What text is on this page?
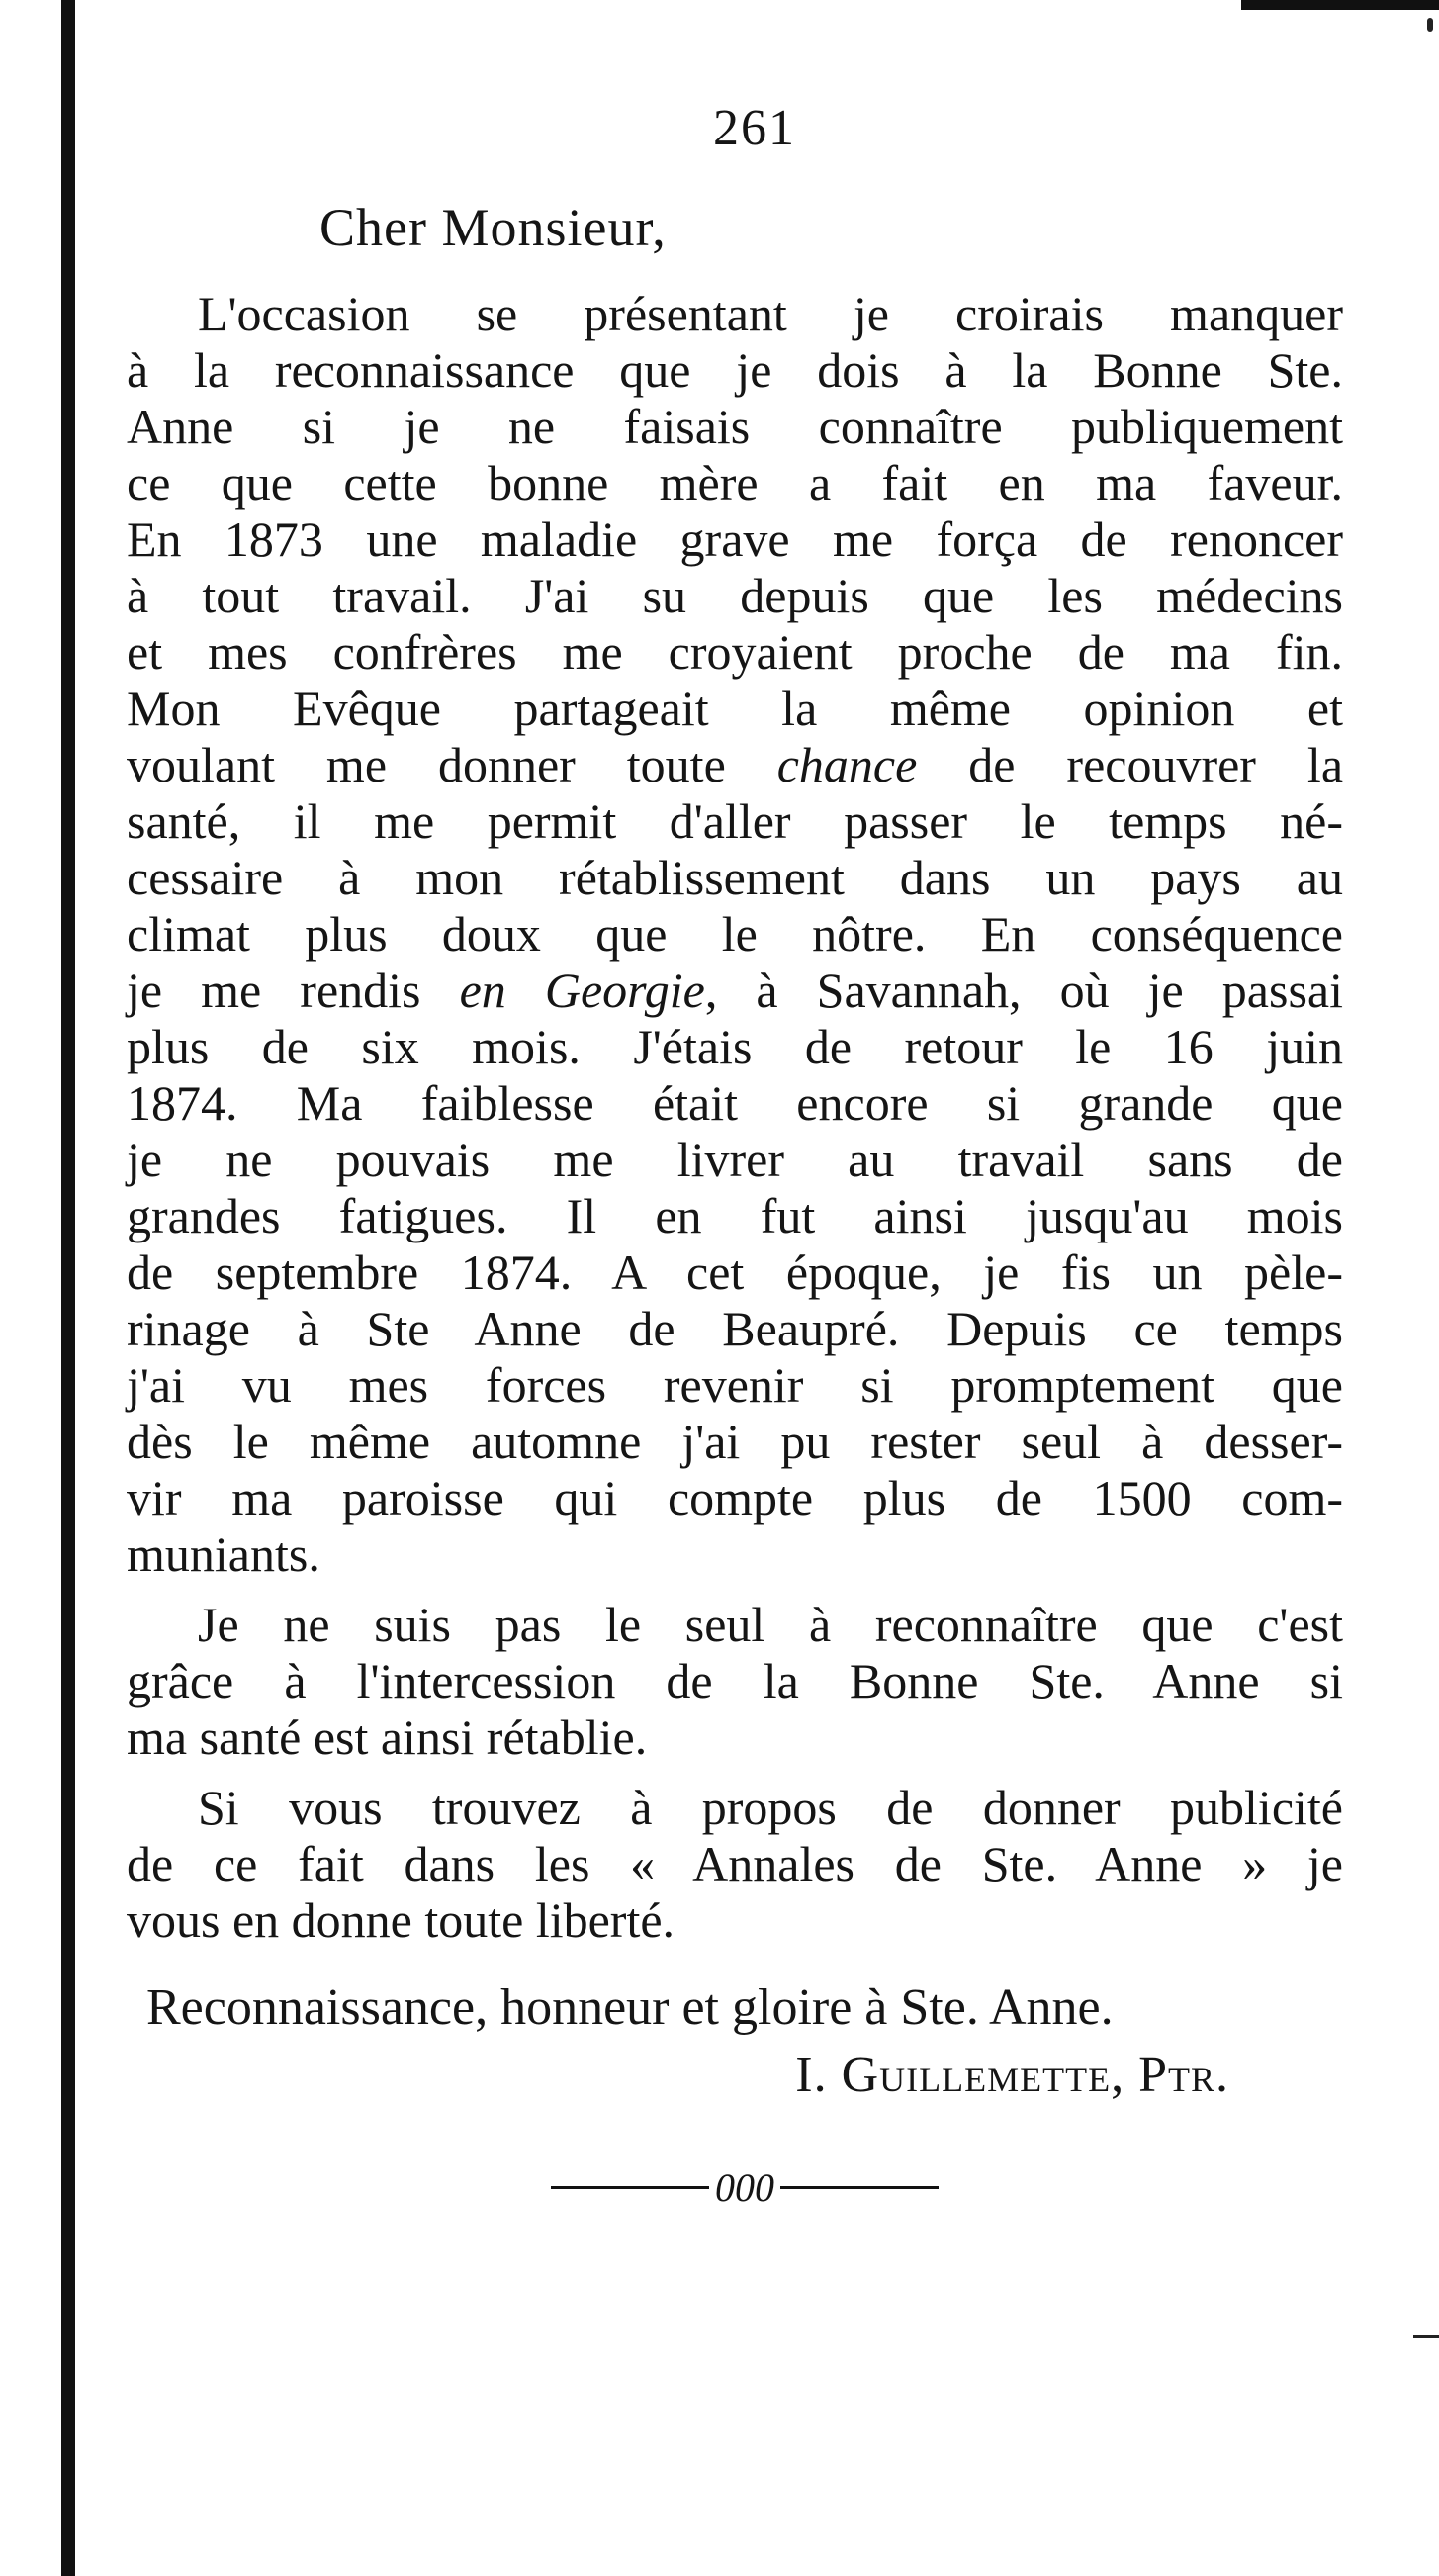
261
Cher Monsieur,
L'occasion se présentant je croirais manquer
à la reconnaissance que je dois à la Bonne Ste.
Anne si je ne faisais connaître publiquement
ce que cette bonne mère a fait en ma faveur.
En 1873 une maladie grave me força de renoncer
à tout travail. J'ai su depuis que les médecins
et mes confrères me croyaient proche de ma fin.
Mon Evêque partageait la même opinion et
voulant me donner toute chance de recouvrer la
santé, il me permit d'aller passer le temps né-
cessaire à mon rétablissement dans un pays au
climat plus doux que le nôtre. En conséquence
je me rendis en Georgie, à Savannah, où je passai
plus de six mois. J'étais de retour le 16 juin
1874. Ma faiblesse était encore si grande que
je ne pouvais me livrer au travail sans de
grandes fatigues. Il en fut ainsi jusqu'au mois
de septembre 1874. A cet époque, je fis un pèle-
rinage à Ste Anne de Beaupré. Depuis ce temps
j'ai vu mes forces revenir si promptement que
dès le même automne j'ai pu rester seul à desser-
vir ma paroisse qui compte plus de 1500 com-
muniants.
Je ne suis pas le seul à reconnaître que c'est
grâce à l'intercession de la Bonne Ste. Anne si
ma santé est ainsi rétablie.
Si vous trouvez à propos de donner publicité
de ce fait dans les « Annales de Ste. Anne » je
vous en donne toute liberté.
Reconnaissance, honneur et gloire à Ste. Anne.
I. Guillemette, Ptr.
000
